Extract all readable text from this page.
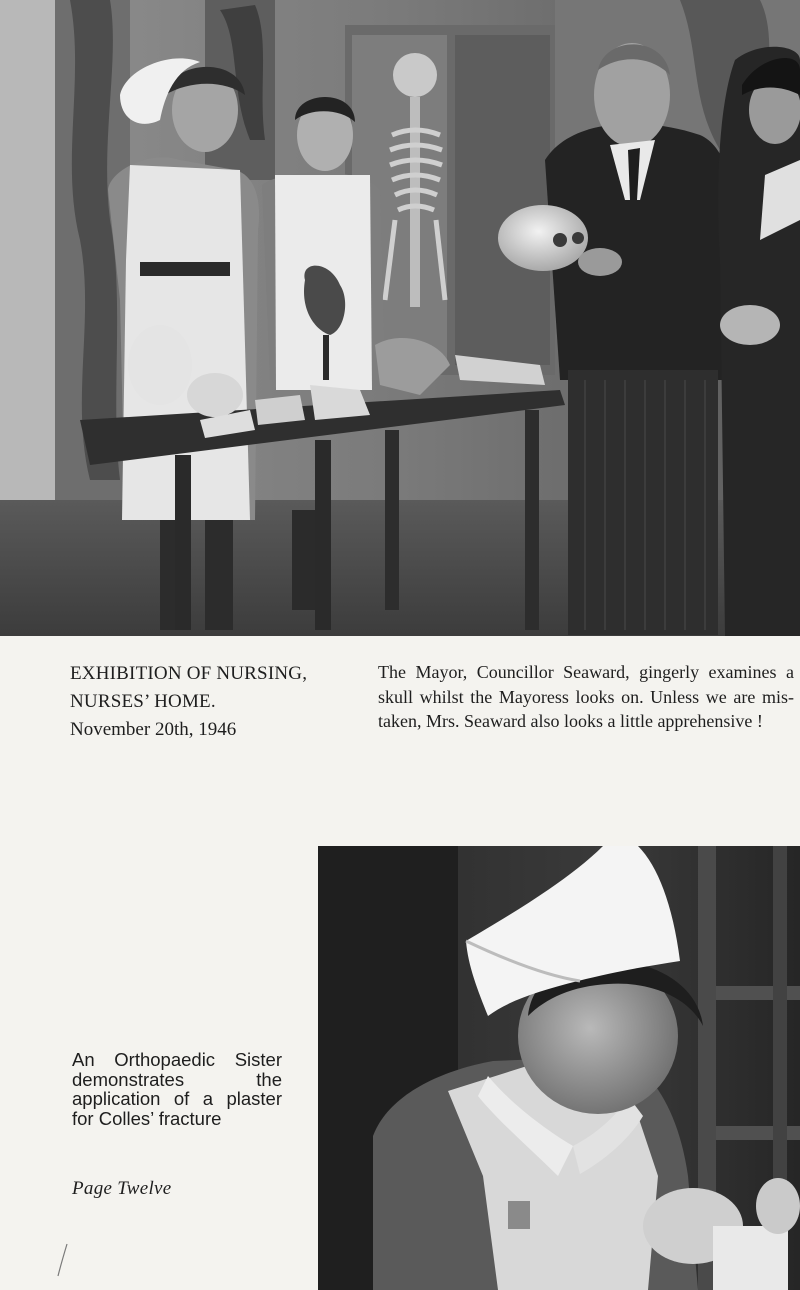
EXHIBITION OF NURSING,
NURSES’ HOME.
November 20th, 1946
The Mayor, Councillor Seaward, gingerly examines a skull whilst the Mayoress looks on. Unless we are mistaken, Mrs. Seaward also looks a little apprehensive !
An Orthopaedic Sister demonstrates the application of a plaster for Colles’ fracture
Page Twelve
